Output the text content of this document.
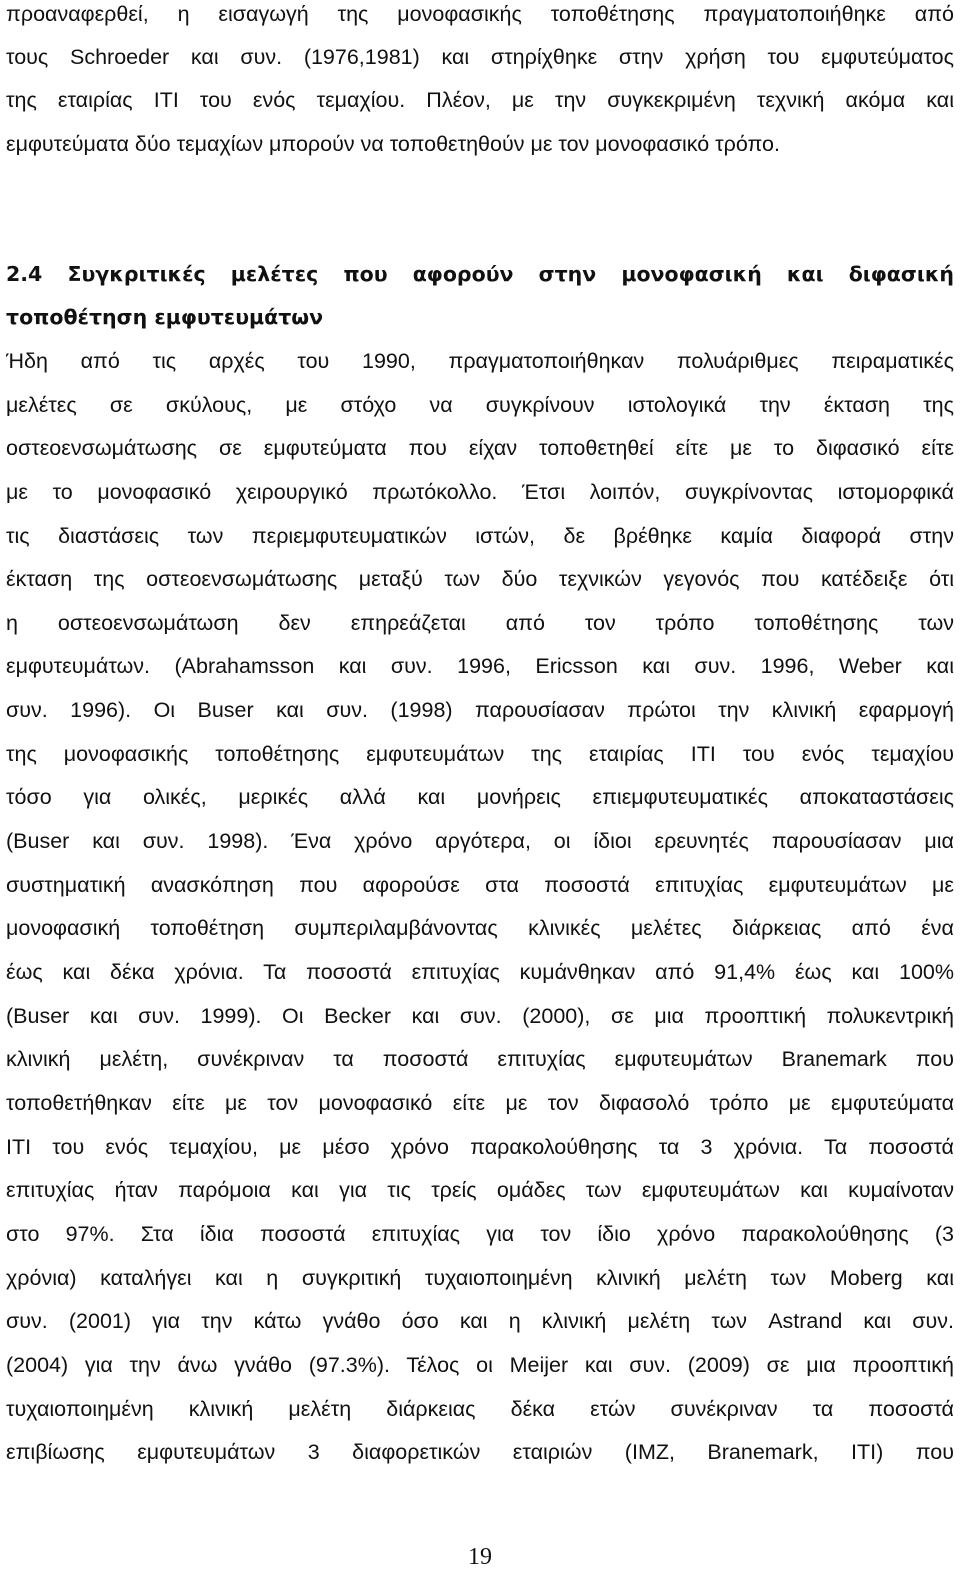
προαναφερθεί, η εισαγωγή της μονοφασικής τοποθέτησης πραγματοποιήθηκε από
τους Schroeder και συν. (1976,1981) και στηρίχθηκε στην χρήση του εμφυτεύματος
της εταιρίας ITI του ενός τεμαχίου. Πλέον, με την συγκεκριμένη τεχνική ακόμα και
εμφυτεύματα δύο τεμαχίων μπορούν να τοποθετηθούν με τον μονοφασικό τρόπο.
2.4 Συγκριτικές μελέτες που αφορούν στην μονοφασική και διφασική
τοποθέτηση εμφυτευμάτων
Ήδη από τις αρχές του 1990, πραγματοποιήθηκαν πολυάριθμες πειραματικές
μελέτες σε σκύλους, με στόχο να συγκρίνουν ιστολογικά την έκταση της
οστεοενσωμάτωσης σε εμφυτεύματα που είχαν τοποθετηθεί είτε με το διφασικό είτε
με το μονοφασικό χειρουργικό πρωτόκολλο. Έτσι λοιπόν, συγκρίνοντας ιστομορφικά
τις διαστάσεις των περιεμφυτευματικών ιστών, δε βρέθηκε καμία διαφορά στην
έκταση της οστεοενσωμάτωσης μεταξύ των δύο τεχνικών γεγονός που κατέδειξε ότι
η οστεοενσωμάτωση δεν επηρεάζεται από τον τρόπο τοποθέτησης των
εμφυτευμάτων. (Abrahamsson και συν. 1996, Ericsson και συν. 1996, Weber και
συν. 1996). Οι Buser και συν. (1998) παρουσίασαν πρώτοι την κλινική εφαρμογή
της μονοφασικής τοποθέτησης εμφυτευμάτων της εταιρίας ITI του ενός τεμαχίου
τόσο για ολικές, μερικές αλλά και μονήρεις επιεμφυτευματικές αποκαταστάσεις
(Buser και συν. 1998). Ένα χρόνο αργότερα, οι ίδιοι ερευνητές παρουσίασαν μια
συστηματική ανασκόπηση που αφορούσε στα ποσοστά επιτυχίας εμφυτευμάτων με
μονοφασική τοποθέτηση συμπεριλαμβάνοντας κλινικές μελέτες διάρκειας από ένα
έως και δέκα χρόνια. Τα ποσοστά επιτυχίας κυμάνθηκαν από 91,4% έως και 100%
(Buser και συν. 1999). Οι Becker και συν. (2000), σε μια προοπτική πολυκεντρική
κλινική μελέτη, συνέκριναν τα ποσοστά επιτυχίας εμφυτευμάτων Branemark που
τοποθετήθηκαν είτε με τον μονοφασικό είτε με τον διφασολό τρόπο με εμφυτεύματα
ITI του ενός τεμαχίου, με μέσο χρόνο παρακολούθησης τα 3 χρόνια. Τα ποσοστά
επιτυχίας ήταν παρόμοια και για τις τρείς ομάδες των εμφυτευμάτων και κυμαίνοταν
στο 97%. Στα ίδια ποσοστά επιτυχίας για τον ίδιο χρόνο παρακολούθησης (3
χρόνια) καταλήγει και η συγκριτική τυχαιοποιημένη κλινική μελέτη των Moberg και
συν. (2001) για την κάτω γνάθο όσο και η κλινική μελέτη των Astrand και συν.
(2004) για την άνω γνάθο (97.3%). Τέλος οι Meijer και συν. (2009) σε μια προοπτική
τυχαιοποιημένη κλινική μελέτη διάρκειας δέκα ετών συνέκριναν τα ποσοστά
επιβίωσης εμφυτευμάτων 3 διαφορετικών εταιριών (IMZ, Branemark, ITI) που
19
